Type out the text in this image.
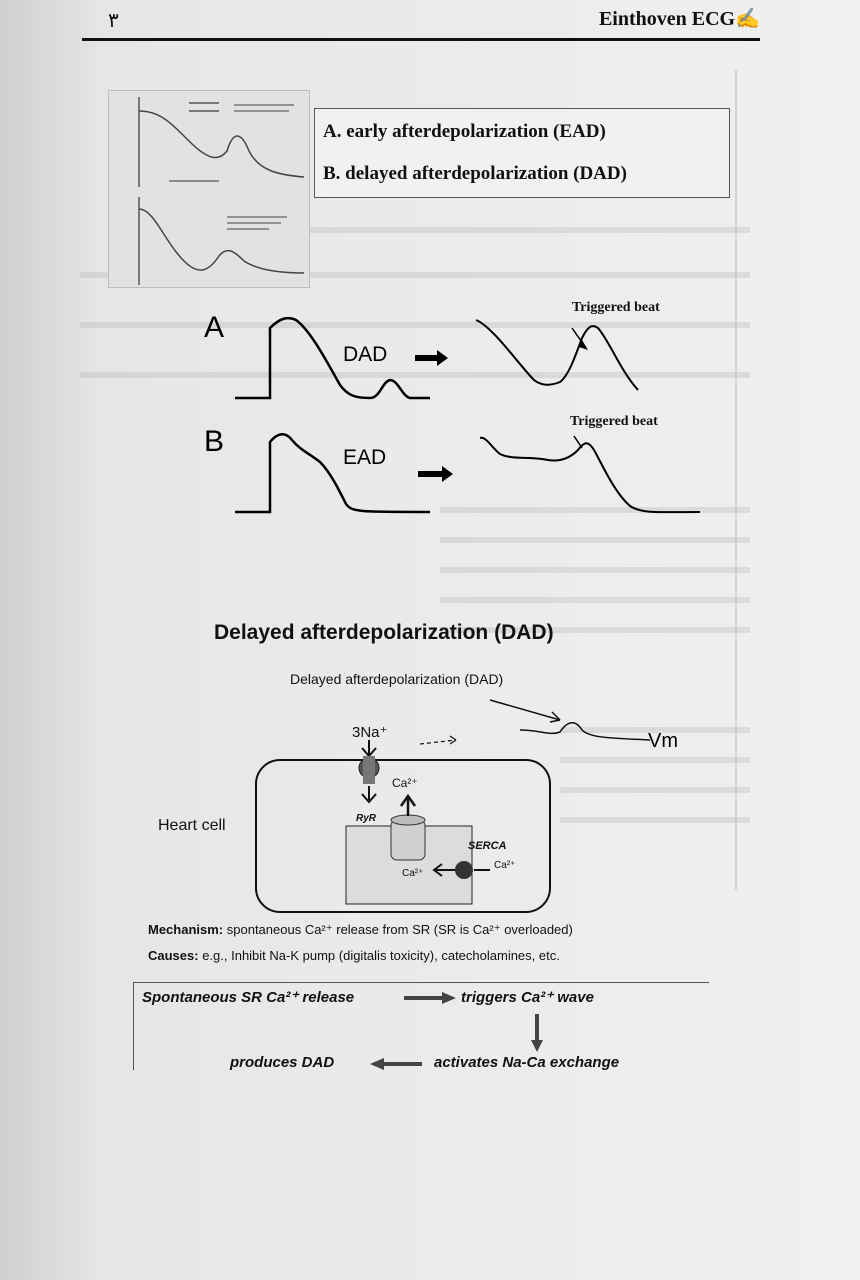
٣	Einthoven ECG✍
A. early afterdepolarization (EAD)
B. delayed afterdepolarization (DAD)
A
DAD
Triggered beat
B	EAD
Triggered beat
Delayed afterdepolarization (DAD)
Delayed afterdepolarization (DAD)
Vm
3Na⁺
Ca²⁺
RyR
Heart cell
SERCA
Ca²⁺
Ca²⁺
Mechanism: spontaneous Ca²⁺ release from SR (SR is Ca²⁺ overloaded)
Causes: e.g., Inhibit Na-K pump (digitalis toxicity), catecholamines, etc.
Spontaneous SR Ca²⁺ release	triggers Ca²⁺ wave
activates Na-Ca exchange
produces DAD
